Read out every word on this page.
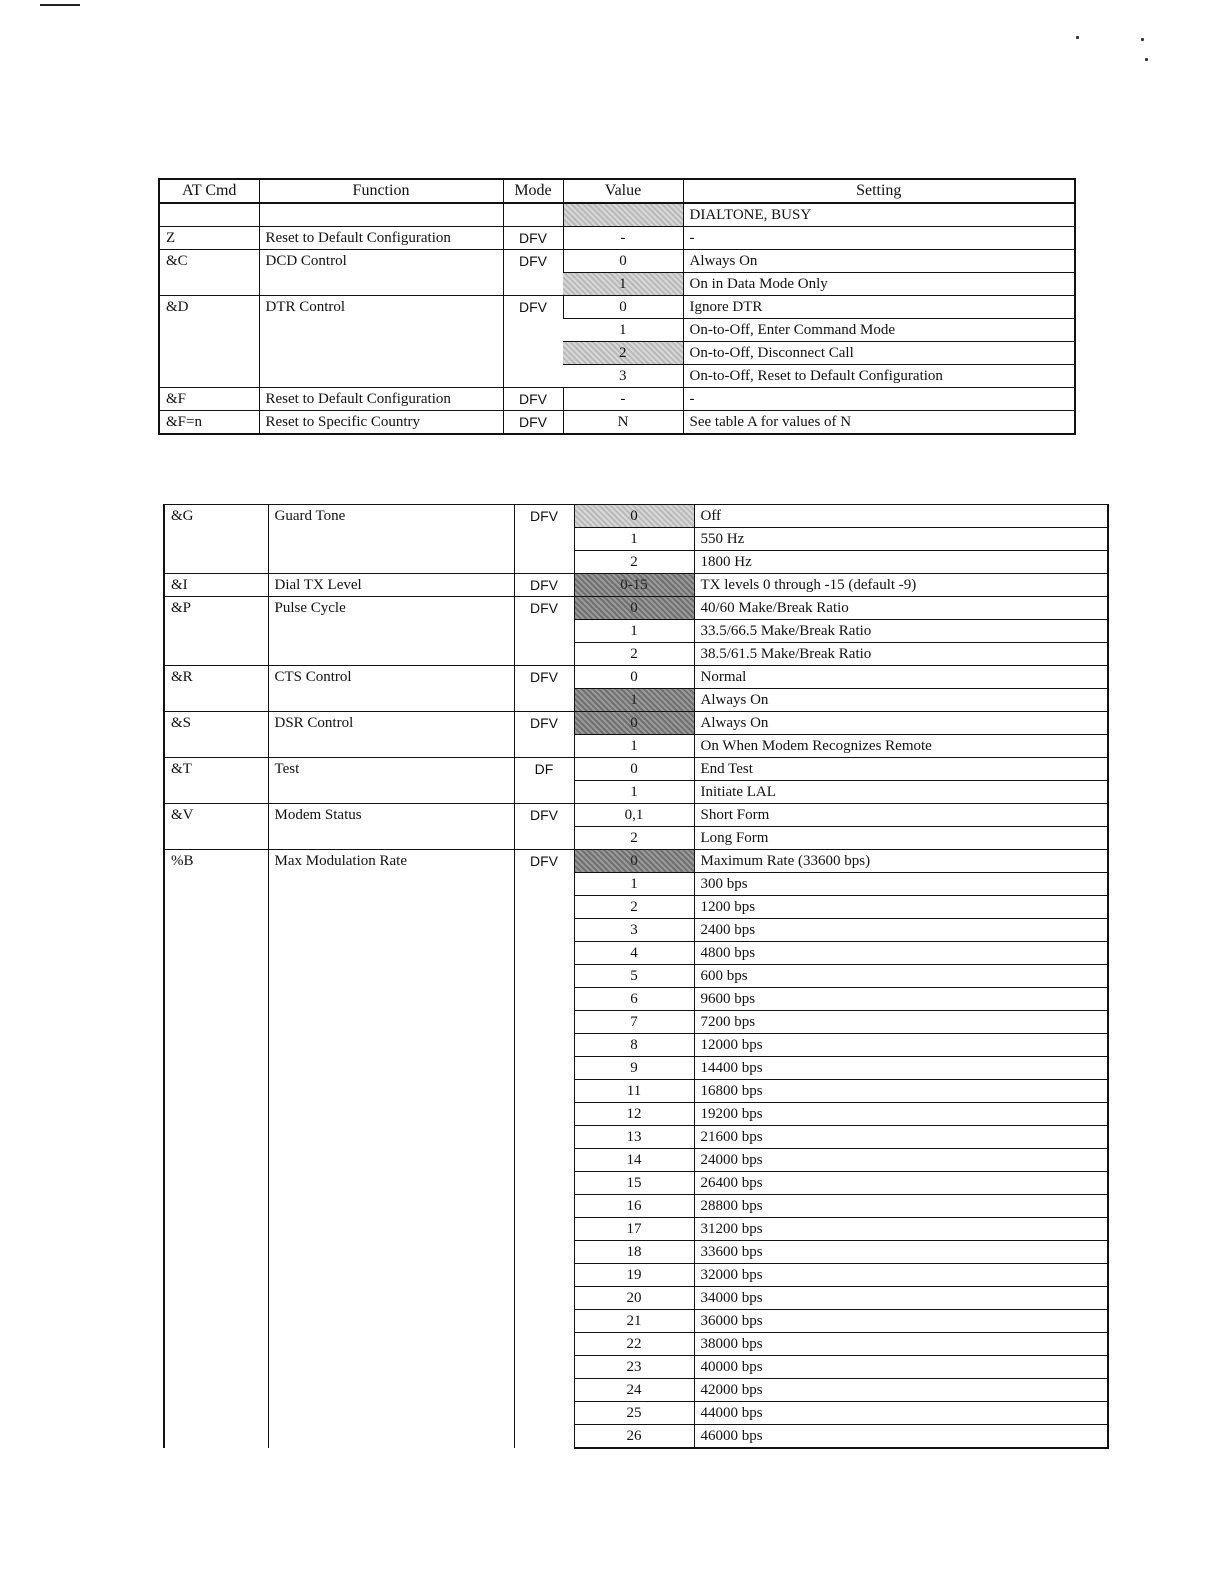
AT Cmd	Function	Mode	Value	Setting
				DIALTONE, BUSY
Z	Reset to Default Configuration	DFV	-	-
&C	DCD Control	DFV	0	Always On
			1	On in Data Mode Only
&D	DTR Control	DFV	0	Ignore DTR
			1	On-to-Off, Enter Command Mode
			2	On-to-Off, Disconnect Call
			3	On-to-Off, Reset to Default Configuration
&F	Reset to Default Configuration	DFV	-	-
&F=n	Reset to Specific Country	DFV	N	See table A for values of N
&G	Guard Tone	DFV	0	Off
			1	550 Hz
			2	1800 Hz
&I	Dial TX Level	DFV	0-15	TX levels 0 through -15 (default -9)
&P	Pulse Cycle	DFV	0	40/60 Make/Break Ratio
			1	33.5/66.5 Make/Break Ratio
			2	38.5/61.5 Make/Break Ratio
&R	CTS Control	DFV	0	Normal
			1	Always On
&S	DSR Control	DFV	0	Always On
			1	On When Modem Recognizes Remote
&T	Test	DF	0	End Test
			1	Initiate LAL
&V	Modem Status	DFV	0,1	Short Form
			2	Long Form
%B	Max Modulation Rate	DFV	0	Maximum Rate (33600 bps)
			1	300 bps
			2	1200 bps
			3	2400 bps
			4	4800 bps
			5	600 bps
			6	9600 bps
			7	7200 bps
			8	12000 bps
			9	14400 bps
			11	16800 bps
			12	19200 bps
			13	21600 bps
			14	24000 bps
			15	26400 bps
			16	28800 bps
			17	31200 bps
			18	33600 bps
			19	32000 bps
			20	34000 bps
			21	36000 bps
			22	38000 bps
			23	40000 bps
			24	42000 bps
			25	44000 bps
			26	46000 bps
